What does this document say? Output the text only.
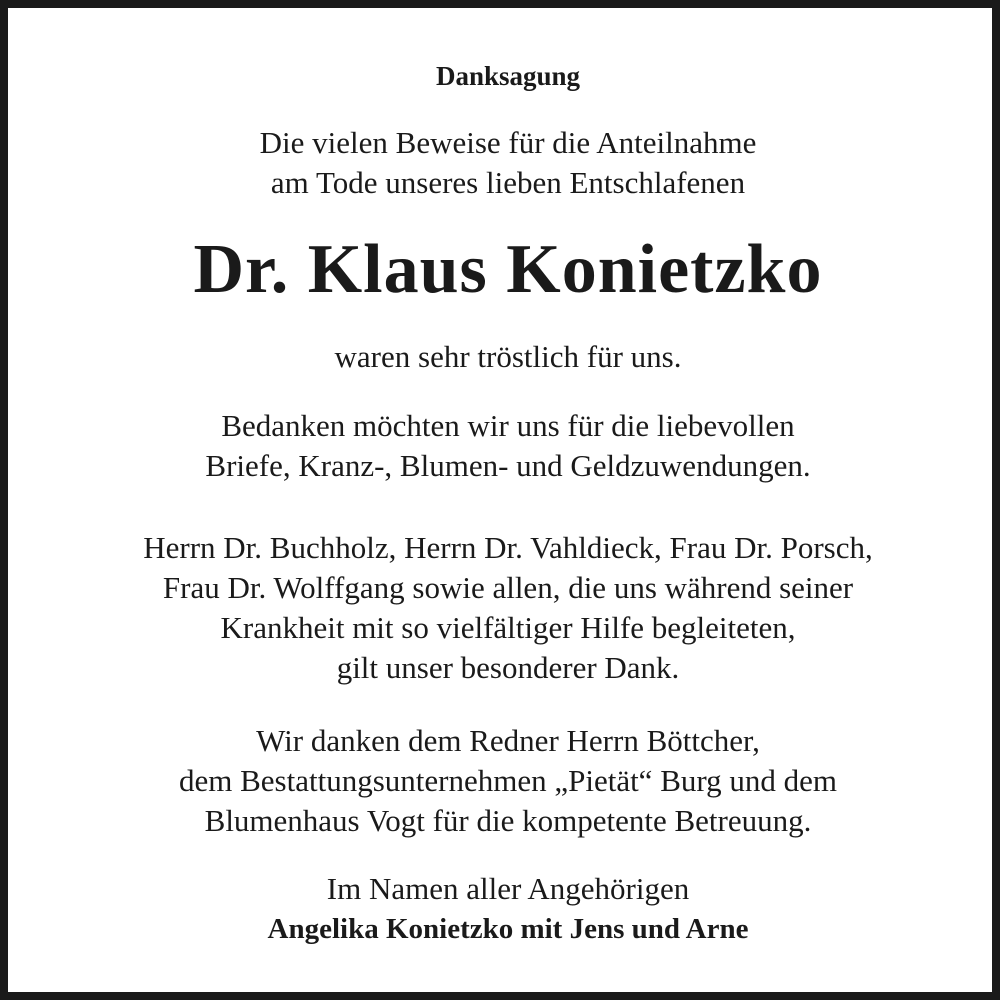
Danksagung

Die vielen Beweise für die Anteilnahme

am Tode unseres lieben Entschlafenen

Dr. Klaus Konietzko

waren sehr tröstlich für uns.

Bedanken möchten wir uns für die liebevollen

Briefe, Kranz-, Blumen- und Geldzuwendungen.

Herrn Dr. Buchholz, Herrn Dr. Vahldieck, Frau Dr. Porsch,

Frau Dr. Wolffgang sowie allen, die uns während seiner

Krankheit mit so vielfältiger Hilfe begleiteten,

gilt unser besonderer Dank.

Wir danken dem Redner Herrn Böttcher,

dem Bestattungsunternehmen „Pietät“ Burg und dem

Blumenhaus Vogt für die kompetente Betreuung.

Im Namen aller Angehörigen

Angelika Konietzko mit Jens und Arne
